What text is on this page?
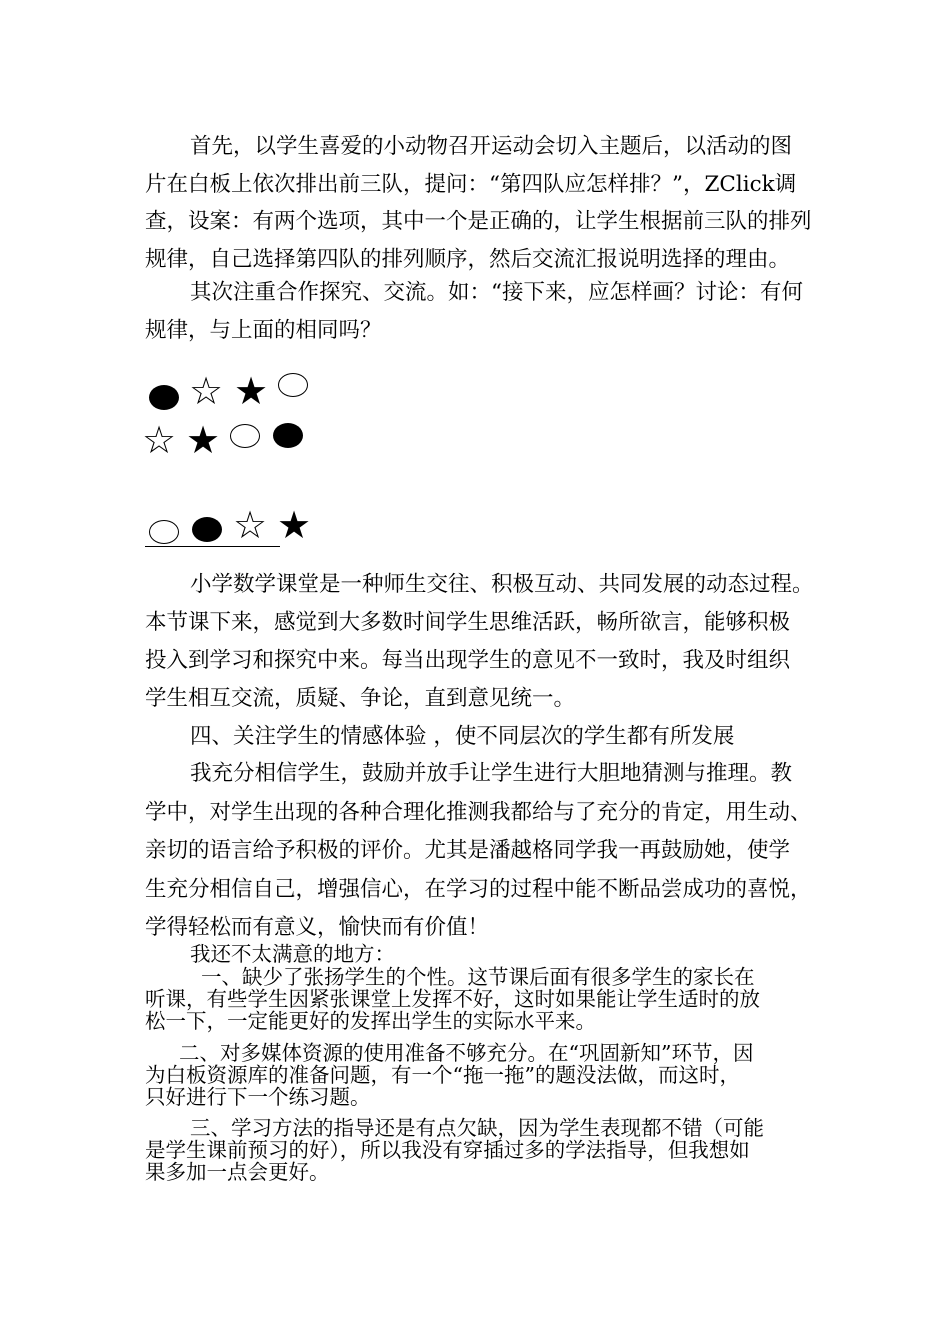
首先，以学生喜爱的小动物召开运动会切入主题后，以活动的图
片在白板上依次排出前三队，提问：“第四队应怎样排？”，ZClick调
查，设案：有两个选项，其中一个是正确的，让学生根据前三队的排列
规律，自己选择第四队的排列顺序，然后交流汇报说明选择的理由。
其次注重合作探究、交流。如：“接下来，应怎样画？讨论：有何
规律，与上面的相同吗？
☆ ★
☆ ★
☆ ★
小学数学课堂是一种师生交往、积极互动、共同发展的动态过程。
本节课下来，感觉到大多数时间学生思维活跃，畅所欲言，能够积极
投入到学习和探究中来。每当出现学生的意见不一致时，我及时组织
学生相互交流，质疑、争论，直到意见统一。
四、关注学生的情感体验 ，使不同层次的学生都有所发展
我充分相信学生，鼓励并放手让学生进行大胆地猜测与推理。教
学中，对学生出现的各种合理化推测我都给与了充分的肯定，用生动、
亲切的语言给予积极的评价。尤其是潘越格同学我一再鼓励她，使学
生充分相信自己，增强信心，在学习的过程中能不断品尝成功的喜悦，
学得轻松而有意义，愉快而有价值！
我还不太满意的地方：
一、缺少了张扬学生的个性。这节课后面有很多学生的家长在
听课，有些学生因紧张课堂上发挥不好，这时如果能让学生适时的放
松一下，一定能更好的发挥出学生的实际水平来。
二、对多媒体资源的使用准备不够充分。在“巩固新知”环节，因
为白板资源库的准备问题，有一个“拖一拖”的题没法做，而这时，
只好进行下一个练习题。
三、学习方法的指导还是有点欠缺，因为学生表现都不错（可能
是学生课前预习的好），所以我没有穿插过多的学法指导，但我想如
果多加一点会更好。
